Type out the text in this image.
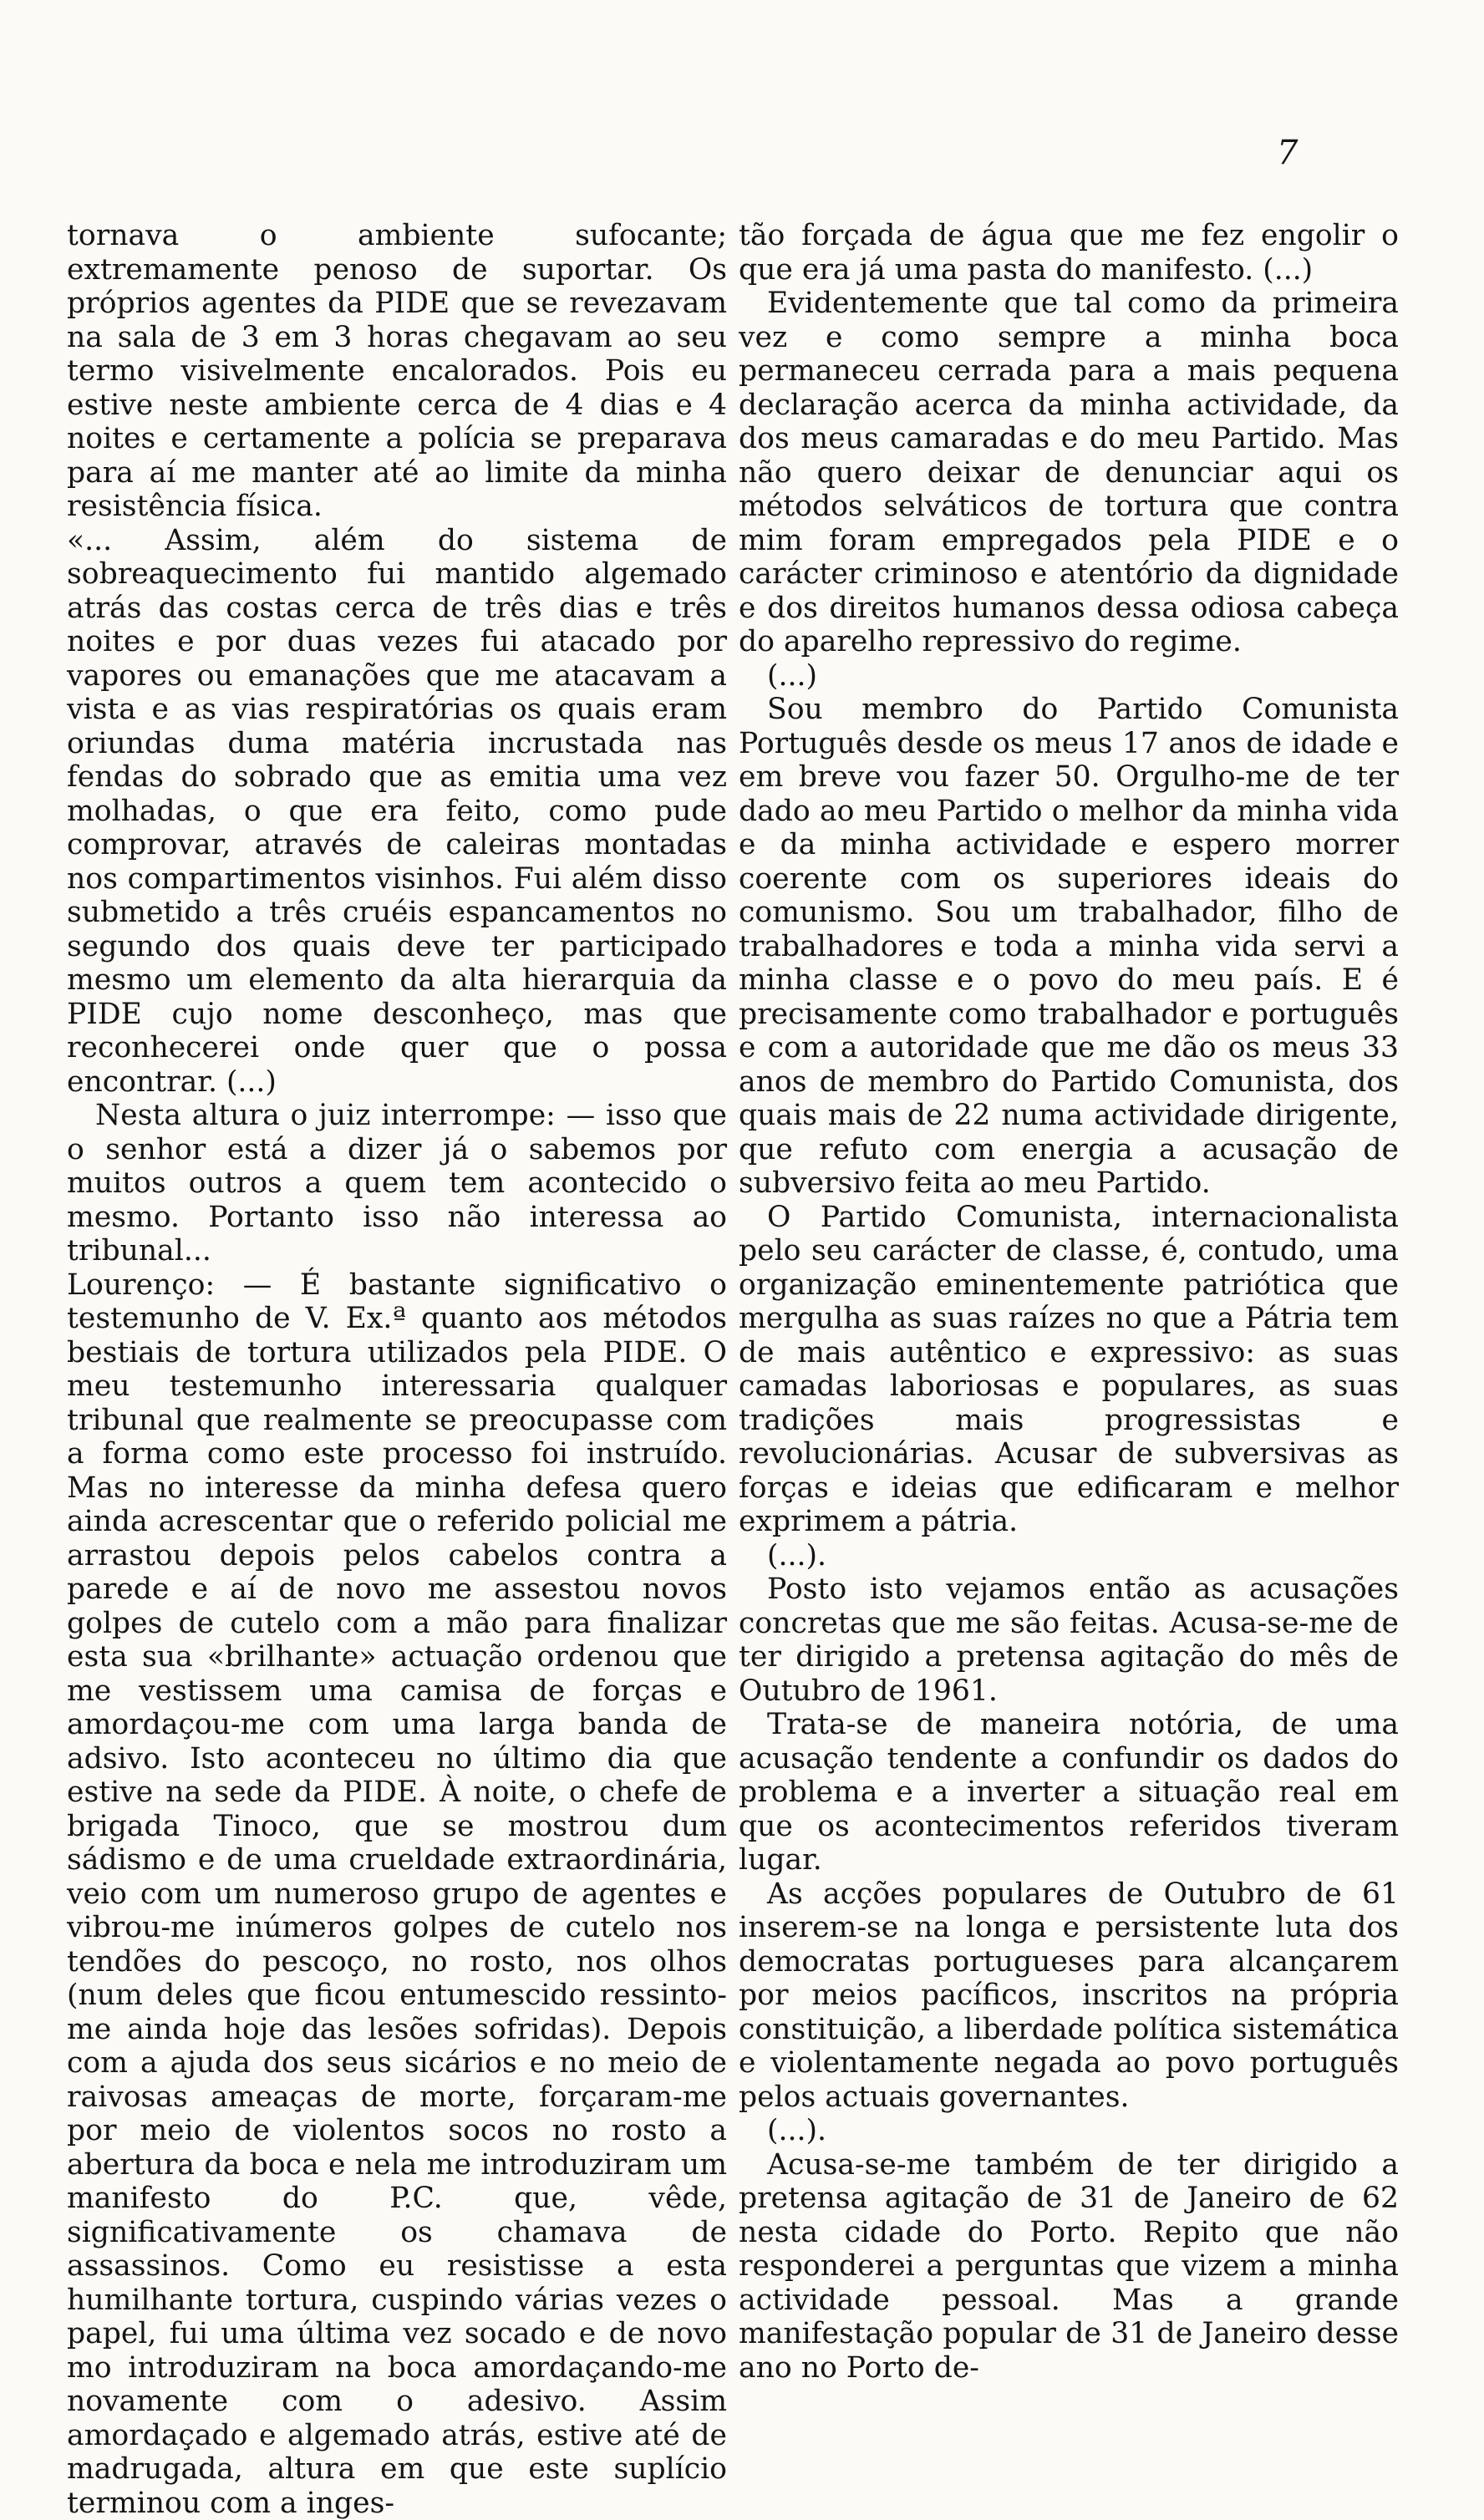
7

tornava o ambiente sufocante; extremamente penoso de suportar. Os próprios agentes da PIDE que se revezavam na sala de 3 em 3 horas chegavam ao seu termo visivelmente encalorados. Pois eu estive neste ambiente cerca de 4 dias e 4 noites e certamente a polícia se preparava para aí me manter até ao limite da minha resistência física.

«... Assim, além do sistema de sobreaquecimento fui mantido algemado atrás das costas cerca de três dias e três noites e por duas vezes fui atacado por vapores ou emanações que me atacavam a vista e as vias respiratórias os quais eram oriundas duma matéria incrustada nas fendas do sobrado que as emitia uma vez molhadas, o que era feito, como pude comprovar, através de caleiras montadas nos compartimentos visinhos. Fui além disso submetido a três cruéis espancamentos no segundo dos quais deve ter participado mesmo um elemento da alta hierarquia da PIDE cujo nome desconheço, mas que reconhecerei onde quer que o possa encontrar. (...)

Nesta altura o juiz interrompe: — isso que o senhor está a dizer já o sabemos por muitos outros a quem tem acontecido o mesmo. Portanto isso não interessa ao tribunal...

Lourenço: — É bastante significativo o testemunho de V. Ex.ª quanto aos métodos bestiais de tortura utilizados pela PIDE. O meu testemunho interessaria qualquer tribunal que realmente se preocupasse com a forma como este processo foi instruído. Mas no interesse da minha defesa quero ainda acrescentar que o referido policial me arrastou depois pelos cabelos contra a parede e aí de novo me assestou novos golpes de cutelo com a mão para finalizar esta sua «brilhante» actuação ordenou que me vestissem uma camisa de forças e amordaçou-me com uma larga banda de adsivo. Isto aconteceu no último dia que estive na sede da PIDE. À noite, o chefe de brigada Tinoco, que se mostrou dum sádismo e de uma crueldade extraordinária, veio com um numeroso grupo de agentes e vibrou-me inúmeros golpes de cutelo nos tendões do pescoço, no rosto, nos olhos (num deles que ficou entumescido ressinto-me ainda hoje das lesões sofridas). Depois com a ajuda dos seus sicários e no meio de raivosas ameaças de morte, forçaram-me por meio de violentos socos no rosto a abertura da boca e nela me introduziram um manifesto do P.C. que, vêde, significativamente os chamava de assassinos. Como eu resistisse a esta humilhante tortura, cuspindo várias vezes o papel, fui uma última vez socado e de novo mo introduziram na boca amordaçando-me novamente com o adesivo. Assim amordaçado e algemado atrás, estive até de madrugada, altura em que este suplício terminou com a inges-

tão forçada de água que me fez engolir o que era já uma pasta do manifesto. (...)

Evidentemente que tal como da primeira vez e como sempre a minha boca permaneceu cerrada para a mais pequena declaração acerca da minha actividade, da dos meus camaradas e do meu Partido. Mas não quero deixar de denunciar aqui os métodos selváticos de tortura que contra mim foram empregados pela PIDE e o carácter criminoso e atentório da dignidade e dos direitos humanos dessa odiosa cabeça do aparelho repressivo do regime.

(...)

Sou membro do Partido Comunista Português desde os meus 17 anos de idade e em breve vou fazer 50. Orgulho-me de ter dado ao meu Partido o melhor da minha vida e da minha actividade e espero morrer coerente com os superiores ideais do comunismo. Sou um trabalhador, filho de trabalhadores e toda a minha vida servi a minha classe e o povo do meu país. E é precisamente como trabalhador e português e com a autoridade que me dão os meus 33 anos de membro do Partido Comunista, dos quais mais de 22 numa actividade dirigente, que refuto com energia a acusação de subversivo feita ao meu Partido.

O Partido Comunista, internacionalista pelo seu carácter de classe, é, contudo, uma organização eminentemente patriótica que mergulha as suas raízes no que a Pátria tem de mais autêntico e expressivo: as suas camadas laboriosas e populares, as suas tradições mais progressistas e revolucionárias. Acusar de subversivas as forças e ideias que edificaram e melhor exprimem a pátria.

(...).

Posto isto vejamos então as acusações concretas que me são feitas. Acusa-se-me de ter dirigido a pretensa agitação do mês de Outubro de 1961.

Trata-se de maneira notória, de uma acusação tendente a confundir os dados do problema e a inverter a situação real em que os acontecimentos referidos tiveram lugar.

As acções populares de Outubro de 61 inserem-se na longa e persistente luta dos democratas portugueses para alcançarem por meios pacíficos, inscritos na própria constituição, a liberdade política sistemática e violentamente negada ao povo português pelos actuais governantes.

(...).

Acusa-se-me também de ter dirigido a pretensa agitação de 31 de Janeiro de 62 nesta cidade do Porto. Repito que não responderei a perguntas que vizem a minha actividade pessoal. Mas a grande manifestação popular de 31 de Janeiro desse ano no Porto de-
